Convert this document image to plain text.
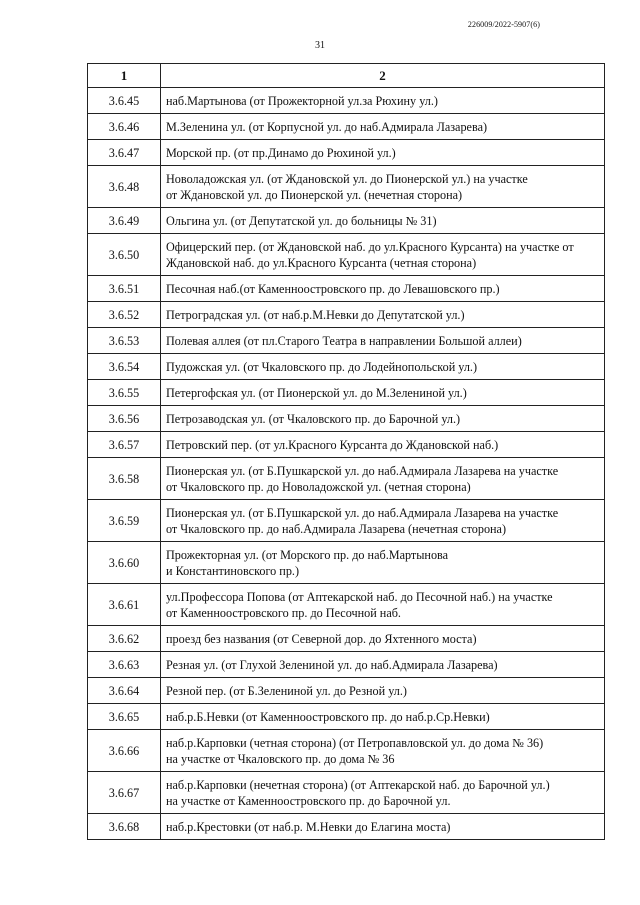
226009/2022-5907(6)
31
1	2
3.6.45	наб.Мартынова (от Прожекторной ул.за Рюхину ул.)
3.6.46	М.Зеленина ул. (от Корпусной ул. до наб.Адмирала Лазарева)
3.6.47	Морской пр. (от пр.Динамо до Рюхиной ул.)
3.6.48	Новоладожская ул. (от Ждановской ул. до Пионерской ул.) на участке
от Ждановской ул. до Пионерской ул. (нечетная сторона)
3.6.49	Ольгина ул. (от Депутатской ул. до больницы № 31)
3.6.50	Офицерский пер. (от Ждановской наб. до ул.Красного Курсанта) на участке от
Ждановской наб. до ул.Красного Курсанта (четная сторона)
3.6.51	Песочная наб.(от Каменноостровского пр. до Левашовского пр.)
3.6.52	Петроградская ул. (от наб.р.М.Невки до Депутатской ул.)
3.6.53	Полевая аллея (от пл.Старого Театра в направлении Большой аллеи)
3.6.54	Пудожская ул. (от Чкаловского пр. до Лодейнопольской ул.)
3.6.55	Петергофская ул. (от Пионерской ул. до М.Зелениной ул.)
3.6.56	Петрозаводская ул. (от Чкаловского пр. до Барочной ул.)
3.6.57	Петровский пер. (от ул.Красного Курсанта до Ждановской наб.)
3.6.58	Пионерская ул. (от Б.Пушкарской ул. до наб.Адмирала Лазарева на участке
от Чкаловского пр. до Новоладожской ул. (четная сторона)
3.6.59	Пионерская ул. (от Б.Пушкарской ул. до наб.Адмирала Лазарева на участке
от Чкаловского пр. до наб.Адмирала Лазарева (нечетная сторона)
3.6.60	Прожекторная ул. (от Морского пр. до наб.Мартынова
и Константиновского пр.)
3.6.61	ул.Профессора Попова (от Аптекарской наб. до Песочной наб.) на участке
от Каменноостровского пр. до Песочной наб.
3.6.62	проезд без названия (от Северной дор. до Яхтенного моста)
3.6.63	Резная ул. (от Глухой Зелениной ул. до наб.Адмирала Лазарева)
3.6.64	Резной пер. (от Б.Зелениной ул. до Резной ул.)
3.6.65	наб.р.Б.Невки (от Каменноостровского пр. до наб.р.Ср.Невки)
3.6.66	наб.р.Карповки (четная сторона) (от Петропавловской ул. до дома № 36)
на участке от Чкаловского пр. до дома № 36
3.6.67	наб.р.Карповки (нечетная сторона) (от Аптекарской наб. до Барочной ул.)
на участке от Каменноостровского пр. до Барочной ул.
3.6.68	наб.р.Крестовки (от наб.р. М.Невки до Елагина моста)
